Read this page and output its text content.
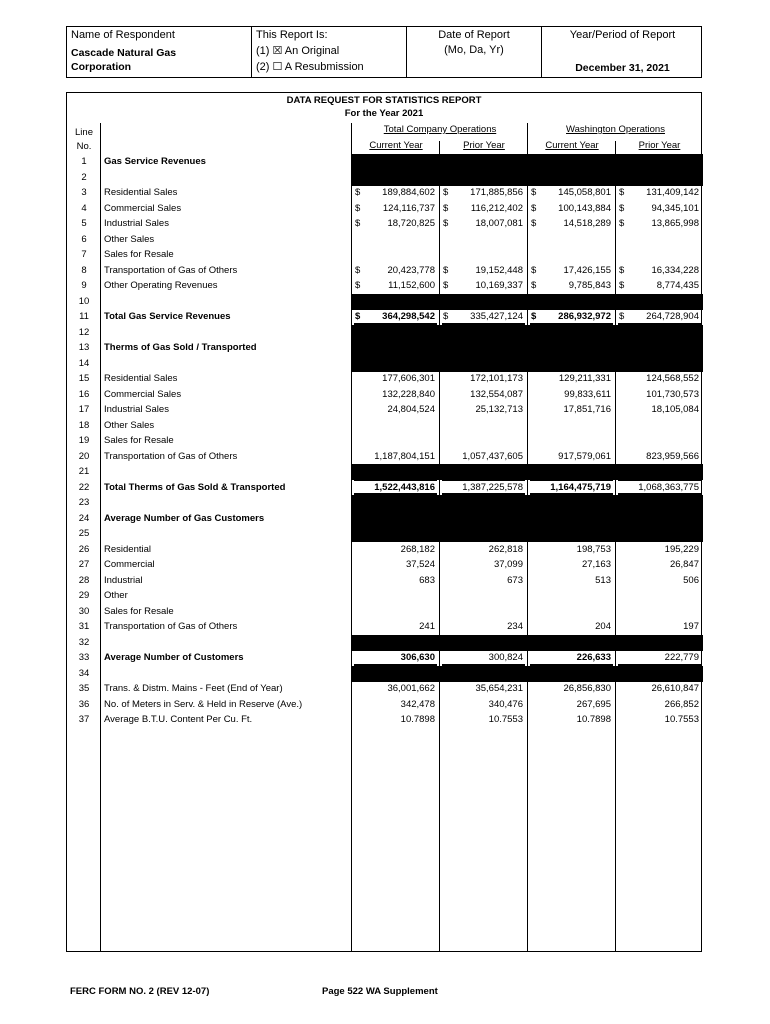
Name of Respondent
Cascade Natural Gas
Corporation
This Report Is:
(1) ☒ An Original
(2) ☐ A Resubmission
Date of Report
(Mo, Da, Yr)
Year/Period of Report
December 31, 2021
DATA REQUEST FOR STATISTICS REPORT
For the Year 2021
Line
No.
Total Company Operations	Washington Operations
Current Year	Prior Year	Current Year	Prior Year
1	Gas Service Revenues
2
3	Residential Sales	$	189,884,602 $	171,885,856 $	145,058,801 $	131,409,142
4	Commercial Sales	$	124,116,737 $	116,212,402 $	100,143,884 $	94,345,101
5	Industrial Sales	$	18,720,825 $	18,007,081 $	14,518,289 $	13,865,998
6	Other Sales
7	Sales for Resale
8	Transportation of Gas of Others	$	20,423,778 $	19,152,448 $	17,426,155 $	16,334,228
9	Other Operating Revenues	$	11,152,600 $	10,169,337 $	9,785,843 $	8,774,435
10
11	Total Gas Service Revenues	$	364,298,542 $	335,427,124 $	286,932,972 $	264,728,904
12
13	Therms of Gas Sold / Transported
14
15	Residential Sales	177,606,301	172,101,173	129,211,331	124,568,552
16	Commercial Sales	132,228,840	132,554,087	99,833,611	101,730,573
17	Industrial Sales	24,804,524	25,132,713	17,851,716	18,105,084
18	Other Sales
19	Sales for Resale
20	Transportation of Gas of Others	1,187,804,151	1,057,437,605	917,579,061	823,959,566
21
22	Total Therms of Gas Sold & Transported	1,522,443,816	1,387,225,578	1,164,475,719	1,068,363,775
23
24	Average Number of Gas Customers
25
26	Residential	268,182	262,818	198,753	195,229
27	Commercial	37,524	37,099	27,163	26,847
28	Industrial	683	673	513	506
29	Other
30	Sales for Resale
31	Transportation of Gas of Others	241	234	204	197
32
33	Average Number of Customers	306,630	300,824	226,633	222,779
34
35	Trans. & Distm. Mains - Feet (End of Year)	36,001,662	35,654,231	26,856,830	26,610,847
36	No. of Meters in Serv. & Held in Reserve (Ave.)	342,478	340,476	267,695	266,852
37	Average B.T.U. Content Per Cu. Ft.	10.7898	10.7553	10.7898	10.7553
FERC FORM NO. 2 (REV 12-07)	Page 522 WA Supplement
